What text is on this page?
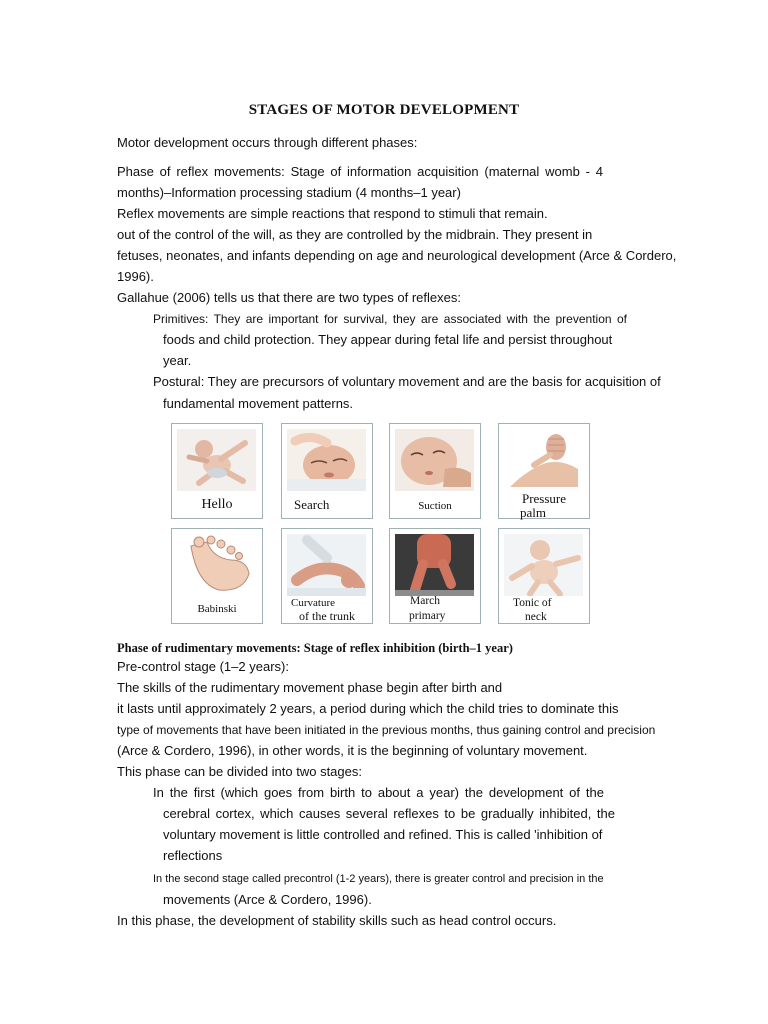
STAGES OF MOTOR DEVELOPMENT
Motor development occurs through different phases:
Phase of reflex movements: Stage of information acquisition (maternal womb - 4
months)–Information processing stadium (4 months–1 year)
Reflex movements are simple reactions that respond to stimuli that remain.
out of the control of the will, as they are controlled by the midbrain. They present in
fetuses, neonates, and infants depending on age and neurological development (Arce & Cordero,
1996).
Gallahue (2006) tells us that there are two types of reflexes:
Primitives: They are important for survival, they are associated with the prevention of
foods and child protection. They appear during fetal life and persist throughout
year.
Postural: They are precursors of voluntary movement and are the basis for acquisition of
fundamental movement patterns.
Hello	Search	Suction	Pressure
palm
Babinski	Curvature
of the trunk
March
primary
Tonic of
neck
Phase of rudimentary movements: Stage of reflex inhibition (birth–1 year)
Pre-control stage (1–2 years):
The skills of the rudimentary movement phase begin after birth and
it lasts until approximately 2 years, a period during which the child tries to dominate this
type of movements that have been initiated in the previous months, thus gaining control and precision
(Arce & Cordero, 1996), in other words, it is the beginning of voluntary movement.
This phase can be divided into two stages:
In the first (which goes from birth to about a year) the development of the
cerebral cortex, which causes several reflexes to be gradually inhibited, the
voluntary movement is little controlled and refined. This is called 'inhibition of
reflections
In the second stage called precontrol (1-2 years), there is greater control and precision in the
movements (Arce & Cordero, 1996).
In this phase, the development of stability skills such as head control occurs.
